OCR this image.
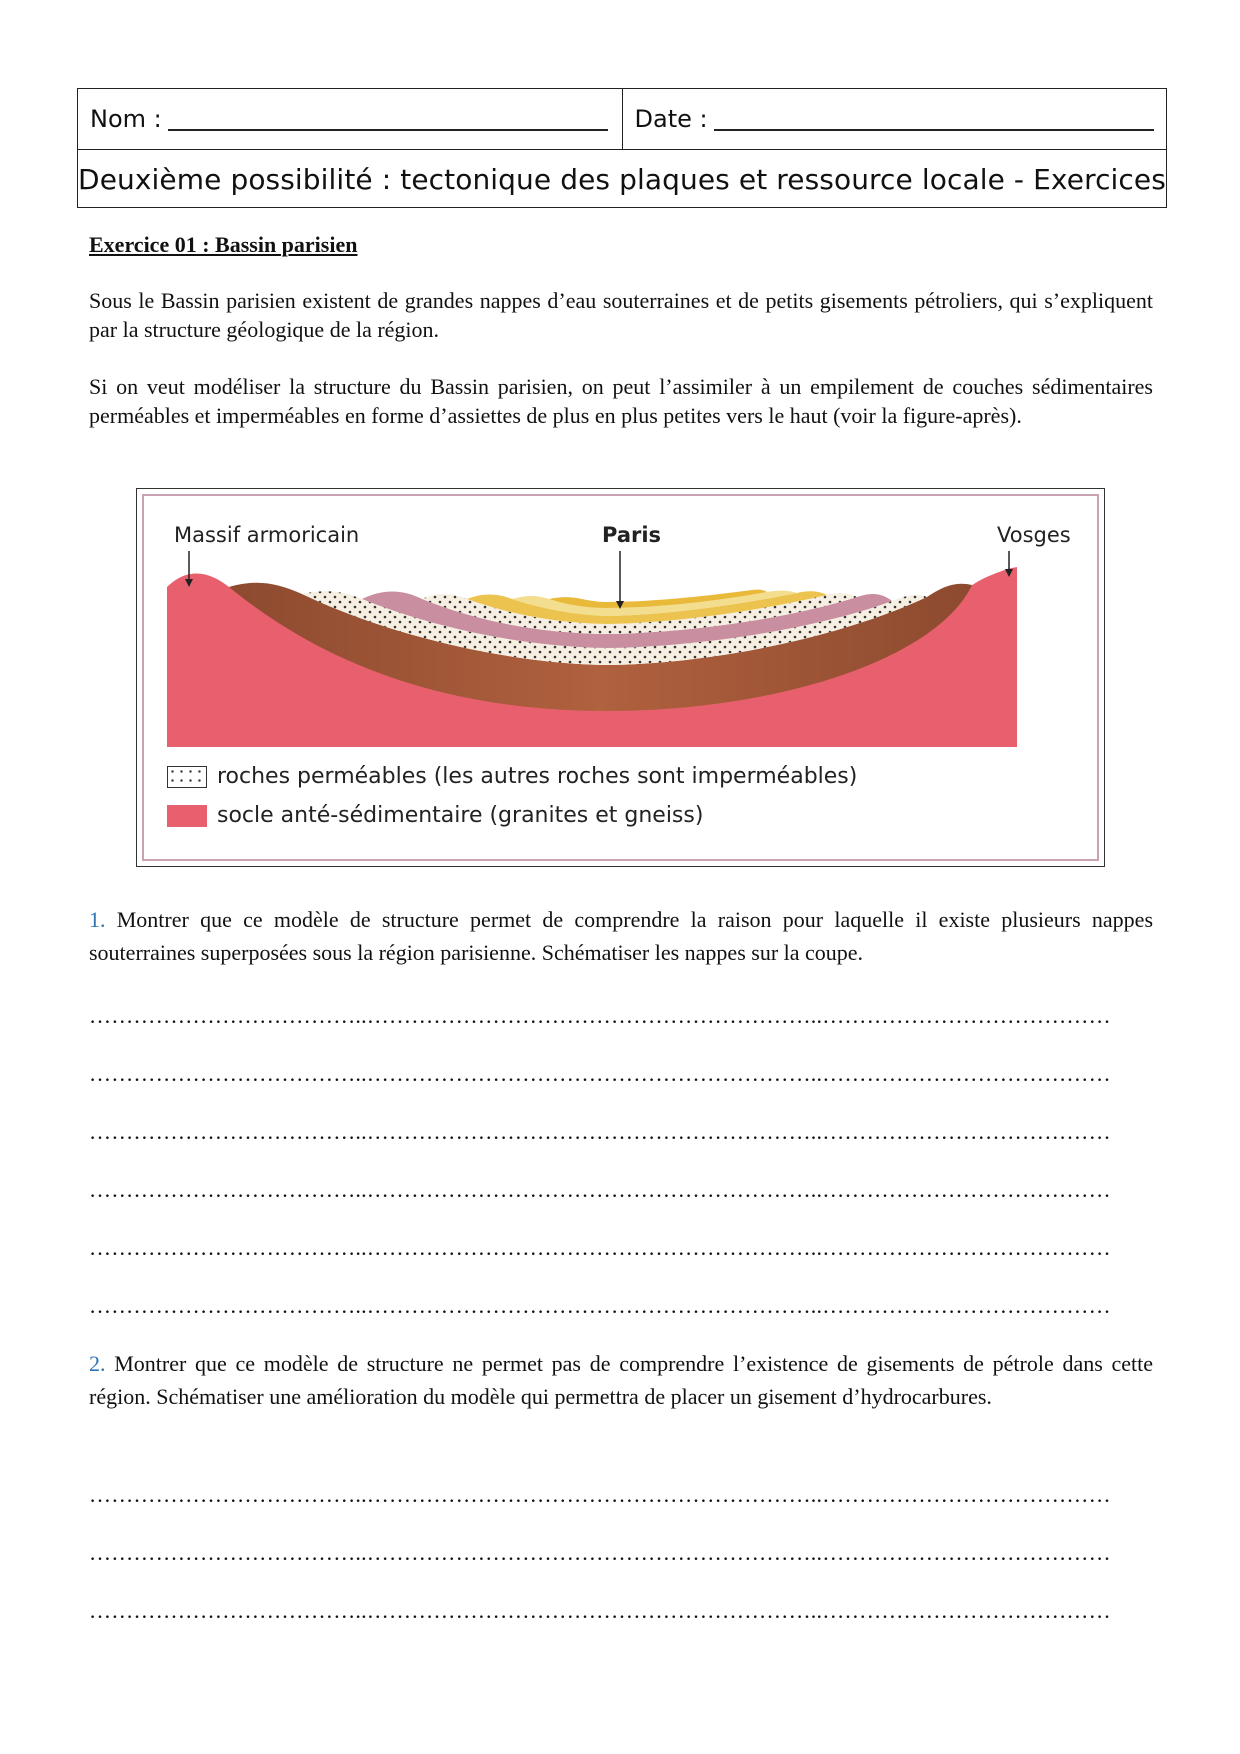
Nom :	Date :
Deuxième possibilité : tectonique des plaques et ressource locale - Exercices
Exercice 01 : Bassin parisien
Sous le Bassin parisien existent de grandes nappes d’eau souterraines et de petits gisements pétroliers, qui s’expliquent par la structure géologique de la région.
Si on veut modéliser la structure du Bassin parisien, on peut l’assimiler à un empilement de couches sédimentaires perméables et imperméables en forme d’assiettes de plus en plus petites vers le haut (voir la figure-après).
Massif armoricain	Paris	Vosges
roches perméables (les autres roches sont imperméables)
socle anté-sédimentaire (granites et gneiss)
1. Montrer que ce modèle de structure permet de comprendre la raison pour laquelle il existe plusieurs nappes souterraines superposées sous la région parisienne. Schématiser les nappes sur la coupe.
………………………………..……………………………………………………..…………………………………
………………………………..……………………………………………………..…………………………………
………………………………..……………………………………………………..…………………………………
………………………………..……………………………………………………..…………………………………
………………………………..……………………………………………………..…………………………………
………………………………..……………………………………………………..…………………………………
2. Montrer que ce modèle de structure ne permet pas de comprendre l’existence de gisements de pétrole dans cette région. Schématiser une amélioration du modèle qui permettra de placer un gisement d’hydrocarbures.
………………………………..……………………………………………………..…………………………………
………………………………..……………………………………………………..…………………………………
………………………………..……………………………………………………..…………………………………
